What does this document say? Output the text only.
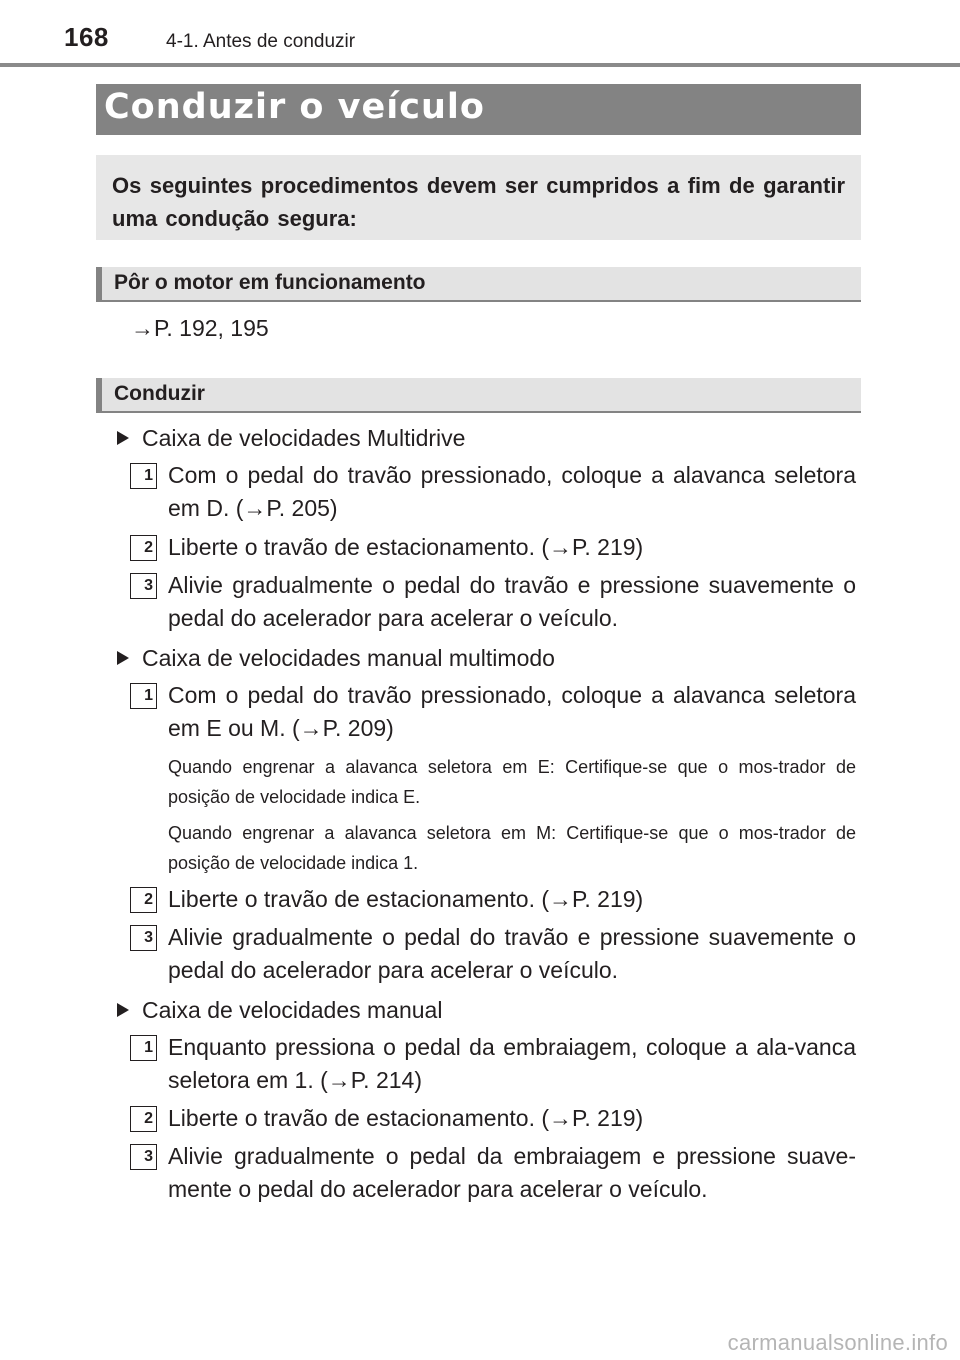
168	4-1. Antes de conduzir
Conduzir o veículo
Os seguintes procedimentos devem ser cumpridos a fim de garantir uma condução segura:
Pôr o motor em funcionamento
→P. 192, 195
Conduzir
Caixa de velocidades Multidrive
1 Com o pedal do travão pressionado, coloque a alavanca seletora em D. (→P. 205)
2 Liberte o travão de estacionamento. (→P. 219)
3 Alivie gradualmente o pedal do travão e pressione suavemente o pedal do acelerador para acelerar o veículo.
Caixa de velocidades manual multimodo
1 Com o pedal do travão pressionado, coloque a alavanca seletora em E ou M. (→P. 209)
Quando engrenar a alavanca seletora em E: Certifique-se que o mos-trador de posição de velocidade indica E.
Quando engrenar a alavanca seletora em M: Certifique-se que o mos-trador de posição de velocidade indica 1.
2 Liberte o travão de estacionamento. (→P. 219)
3 Alivie gradualmente o pedal do travão e pressione suavemente o pedal do acelerador para acelerar o veículo.
Caixa de velocidades manual
1 Enquanto pressiona o pedal da embraiagem, coloque a ala-vanca seletora em 1. (→P. 214)
2 Liberte o travão de estacionamento. (→P. 219)
3 Alivie gradualmente o pedal da embraiagem e pressione suave-mente o pedal do acelerador para acelerar o veículo.
carmanualsonline.info
